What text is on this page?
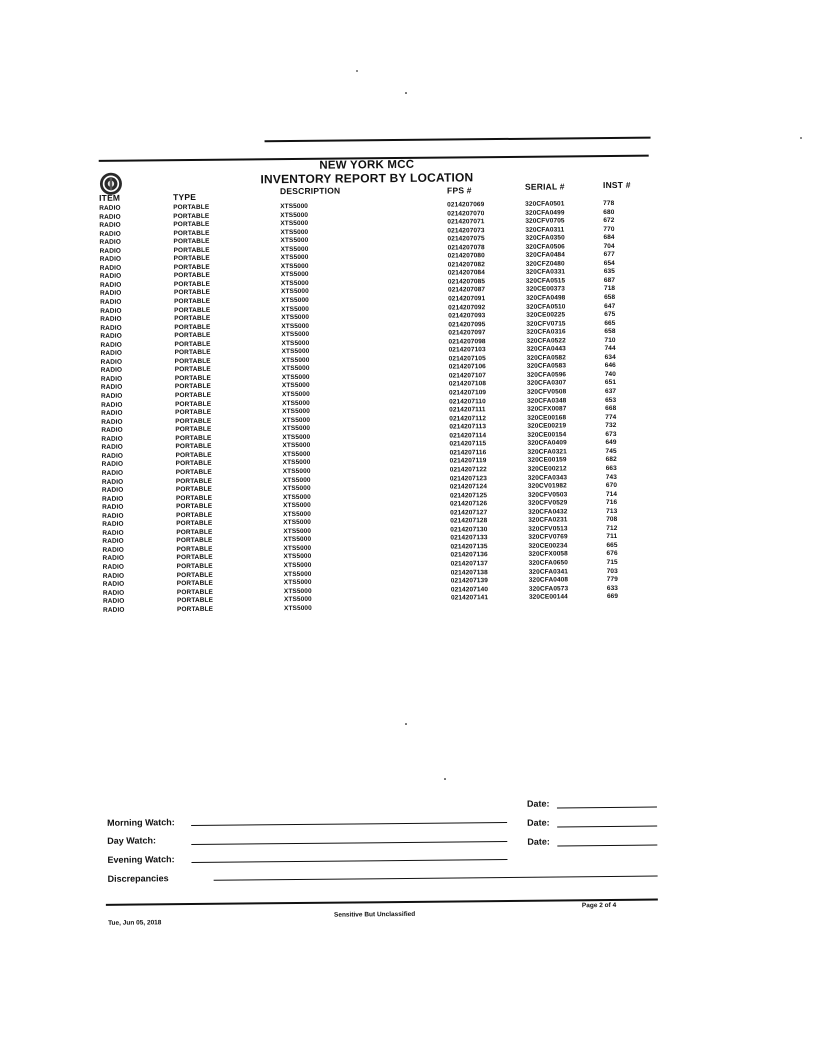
NEW YORK MCC
INVENTORY REPORT BY LOCATION
ITEM	TYPE
DESCRIPTION	FPS #	SERIAL #	INST #
RADIO	PORTABLE	XTS5000	0214207069	320CFA0501	778
RADIO	PORTABLE	XTS5000	0214207070	320CFA0499	680
RADIO	PORTABLE	XTS5000	0214207071	320CFV0705	672
RADIO	PORTABLE	XTS5000	0214207073	320CFA0311	770
RADIO	PORTABLE	XTS5000	0214207075	320CFA0350	684
RADIO	PORTABLE	XTS5000	0214207078	320CFA0506	704
RADIO	PORTABLE	XTS5000	0214207080	320CFA0484	677
RADIO	PORTABLE	XTS5000	0214207082	320CFZ0480	654
RADIO	PORTABLE	XTS5000	0214207084	320CFA0331	635
RADIO	PORTABLE	XTS5000	0214207085	320CFA0515	687
RADIO	PORTABLE	XTS5000	0214207087	320CE00373	718
RADIO	PORTABLE	XTS5000	0214207091	320CFA0498	658
RADIO	PORTABLE	XTS5000	0214207092	320CFA0510	647
RADIO	PORTABLE	XTS5000	0214207093	320CE00225	675
RADIO	PORTABLE	XTS5000	0214207095	320CFV0715	665
RADIO	PORTABLE	XTS5000	0214207097	320CFA0316	658
RADIO	PORTABLE	XTS5000	0214207098	320CFA0522	710
RADIO	PORTABLE	XTS5000	0214207103	320CFA0443	744
RADIO	PORTABLE	XTS5000	0214207105	320CFA0582	634
RADIO	PORTABLE	XTS5000	0214207106	320CFA0583	646
RADIO	PORTABLE	XTS5000	0214207107	320CFA0596	740
RADIO	PORTABLE	XTS5000	0214207108	320CFA0307	651
RADIO	PORTABLE	XTS5000	0214207109	320CFV0508	637
RADIO	PORTABLE	XTS5000	0214207110	320CFA0348	653
RADIO	PORTABLE	XTS5000	0214207111	320CFX0087	668
RADIO	PORTABLE	XTS5000	0214207112	320CE00168	774
RADIO	PORTABLE	XTS5000	0214207113	320CE00219	732
RADIO	PORTABLE	XTS5000	0214207114	320CE00154	673
RADIO	PORTABLE	XTS5000	0214207115	320CFA0409	649
RADIO	PORTABLE	XTS5000	0214207116	320CFA0321	745
RADIO	PORTABLE	XTS5000	0214207119	320CE00159	682
RADIO	PORTABLE	XTS5000	0214207122	320CE00212	663
RADIO	PORTABLE	XTS5000	0214207123	320CFA0343	743
RADIO	PORTABLE	XTS5000	0214207124	320CV01982	670
RADIO	PORTABLE	XTS5000	0214207125	320CFV0503	714
RADIO	PORTABLE	XTS5000	0214207126	320CFV0529	716
RADIO	PORTABLE	XTS5000	0214207127	320CFA0432	713
RADIO	PORTABLE	XTS5000	0214207128	320CFA0231	708
RADIO	PORTABLE	XTS5000	0214207130	320CFV0513	712
RADIO	PORTABLE	XTS5000	0214207133	320CFV0769	711
RADIO	PORTABLE	XTS5000	0214207135	320CE00234	665
RADIO	PORTABLE	XTS5000	0214207136	320CFX0058	676
RADIO	PORTABLE	XTS5000	0214207137	320CFA0650	715
RADIO	PORTABLE	XTS5000	0214207138	320CFA0341	703
RADIO	PORTABLE	XTS5000	0214207139	320CFA0408	779
RADIO	PORTABLE	XTS5000	0214207140	320CFA0573	633
RADIO	PORTABLE	XTS5000	0214207141	320CE00144	669
RADIO	PORTABLE	XTS5000
Morning Watch:
Date:
Day Watch:
Date:
Evening Watch:
Date:
Discrepancies
Tue, Jun 05, 2018
Sensitive But Unclassified
Page 2 of 4
